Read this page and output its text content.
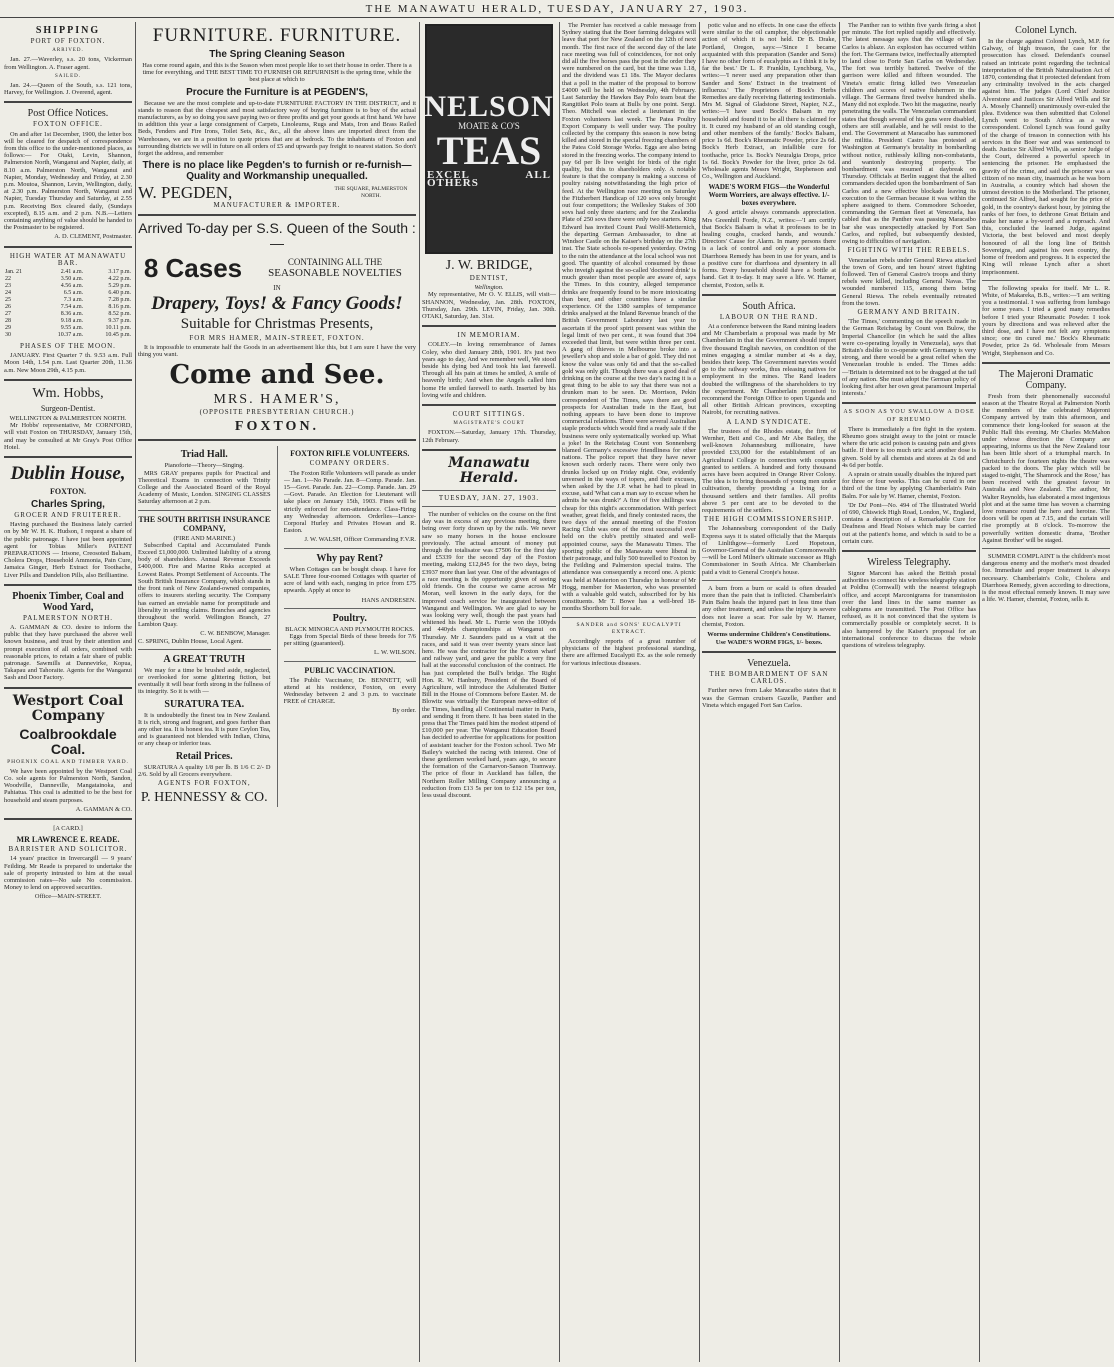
THE MANAWATU HERALD, TUESDAY, JANUARY 27, 1903.
SHIPPING
PORT OF FOXTON.
ARRIVED.

Jan. 27.—Waverley, s.s. 20 tons, Vickerman from Wellington. A. Fraser agent.

SAILED.

Jan. 24.—Queen of the South, s.s. 121 tons, Harvey, for Wellington. J. Overend, agent.

Post Office Notices.
FOXTON OFFICE.

On and after 1st December, 1900, the letter box will be cleared for despatch of correspondence from this office to the under-mentioned places, as follows:— For Otaki, Levin, Shannon, Palmerston North, Wanganui and Napier, daily, at 8.10 a.m. Palmerston North, Wanganui and Napier, Monday, Wednesday and Friday, at 2.30 p.m. Moutoa, Shannon, Levin, Wellington, daily, at 2.30 p.m. Palmerston North, Wanganui and Napier, Tuesday Thursday and Saturday, at 2.55 p.m. Receiving Box cleared daily, (Sundays excepted), 8.15 a.m. and 2 p.m. N.B.—Letters containing anything of value should be handed to the Postmaster to be registered.

A. D. CLEMENT, Postmaster.
HIGH WATER AT MANAWATU BAR.
Jan. 21	2.41 a.m.	3.17 p.m.
22	3.50 a.m.	4.22 p.m.
23	4.56 a.m.	5.29 p.m.
24	6.5 a.m.	6.40 p.m.
25	7.3 a.m.	7.28 p.m.
26	7.54 a.m.	8.16 p.m.
27	8.36 a.m.	8.52 p.m.
28	9.18 a.m.	9.37 p.m.
29	9.55 a.m.	10.11 p.m.
30	10.37 a.m.	10.45 p.m.
PHASES OF THE MOON.

JANUARY. First Quarter 7 th. 9.53 a.m. Full Moon 14th, 1.54 p.m. Last Quarter 20th, 11.36 a.m. New Moon 29th, 4.15 p.m.

Wm. Hobbs,
Surgeon-Dentist.
WELLINGTON & PALMERSTON NORTH.

Mr Hobbs' representative, Mr CORNFORD, will visit Foxton on THURSDAY, January 15th, and may be consulted at Mr Gray's Post Office Hotel.

Dublin House,
FOXTON.
Charles Spring,
GROCER AND FRUITERER.

Having purchased the Business lately carried on by Mr W. H. K. Hudson, I request a share of the public patronage. I have just been appointed agent for Tobias Miller's PATENT PREPARATIONS — Irisone, Creosoted Balsam, Cholera Drops, Household Ammonia, Pain Cure, Jamaica Ginger, Herb Extract for Toothache, Liver Pills and Dandelion Pills, also Brilliantine.

Phoenix Timber, Coal and Wood Yard,
PALMERSTON NORTH.

A. GAMMAN & CO. desire to inform the public that they have purchased the above well known business, and trust by their attention and prompt execution of all orders, combined with reasonable prices, to retain a fair share of public patronage. Sawmills at Dannevirke, Kopua, Takapau and Tahoraite. Agents for the Wanganui Sash and Door Factory.

Westport Coal Company
Coalbrookdale Coal.
PHOENIX COAL AND TIMBER YARD.

We have been appointed by the Westport Coal Co. sole agents for Palmerston North, Sandon, Woodville, Danneville, Mangatainoka, and Pahiatua. This coal is admitted to be the best for household and steam purposes.

A. GAMMAN & CO.
[A CARD.]
MR LAWRENCE E. READE.
BARRISTER AND SOLICITOR.

14 years' practice in Invercargill — 9 years' Feilding. Mr Reade is prepared to undertake the sale of property intrusted to him at the usual commission rates—No sale No commission. Money to lend on approved securities.

Office—MAIN-STREET.
FURNITURE. FURNITURE.
The Spring Cleaning Season

Has come round again, and this is the Season when most people like to set their house in order. There is a time for everything, and THE BEST TIME TO FURNISH OR REFURNISH is the spring time, while the best place at which to

Procure the Furniture is at PEGDEN'S,

Because we are the most complete and up-to-date FURNITURE FACTORY IN THE DISTRICT, and it stands to reason that the cheapest and most satisfactory way of buying furniture is to buy of the actual manufacturers, as by so doing you save paying two or three profits and get your goods at first hand. We have in addition this year a large consignment of Carpets, Linoleums, Rugs and Mats, Iron and Brass Railed Beds, Fenders and Fire Irons, Toilet Sets, &c., &c., all the above lines are imported direct from the Warehouses, we are in a position to quote prices that are at bedrock. To the inhabitants of Foxton and surrounding districts we will in future on all orders of £5 and upwards pay freight to nearest station. So don't forget the address, and remember

There is no place like Pegden's to furnish or re-furnish—Quality and Workmanship unequalled.
W. PEGDEN,	THE SQUARE, PALMERSTON NORTH.
MANUFACTURER & IMPORTER.
Arrived To-day per S.S. Queen of the South :—
8 Cases	CONTAINING ALL THE
SEASONABLE NOVELTIES
IN
Drapery, Toys! & Fancy Goods!
Suitable for Christmas Presents,
FOR MRS HAMER, MAIN-STREET, FOXTON.

It is impossible to enumerate half the Goods in an advertisement like this, but I am sure I have the very thing you want.

Come and See.
MRS. HAMER'S,
(OPPOSITE PRESBYTERIAN CHURCH.)
FOXTON.
Triad Hall.
Pianoforte—Theory—Singing.

MRS GRAY prepares pupils for Practical and Theoretical Exams in connection with Trinity College and the Associated Board of the Royal Academy of Music, London. SINGING CLASSES Saturday afternoon at 2 p.m.

THE SOUTH BRITISH INSURANCE COMPANY,
(FIRE AND MARINE.)

Subscribed Capital and Accumulated Funds Exceed £1,000,000. Unlimited liability of a strong body of shareholders. Annual Revenue Exceeds £400,000. Fire and Marine Risks accepted at Lowest Rates. Prompt Settlement of Accounts. The South British Insurance Company, which stands in the front rank of New Zealand-owned companies, offers to insurers sterling security. The Company has earned an enviable name for promptitude and liberality in settling claims. Branches and agencies throughout the world. Wellington Branch, 27 Lambton Quay.

C. W. BENBOW, Manager.
C. SPRING, Dublin House, Local Agent.
A GREAT TRUTH

We may for a time be brushed aside, neglected, or overlooked for some glittering fiction, but eventually it will bear forth strong in the fullness of its integrity. So it is with —

SURATURA TEA.

It is undoubtedly the finest tea in New Zealand. It is rich, strong and fragrant, and goes further than any other tea. It is honest tea. It is pure Ceylon Tea, and is guaranteed not blended with Indian, China, or any cheap or inferior teas.

Retail Prices.

SURATURA A quality 1/8 per lb. B 1/6 C 2/- D 2/6. Sold by all Grocers everywhere.

AGENTS FOR FOXTON,
P. HENNESSY & CO.
FOXTON RIFLE VOLUNTEERS.
COMPANY ORDERS.

The Foxton Rifle Volunteers will parade as under— Jan. 1—No Parade. Jan. 8—Comp. Parade. Jan. 15—Govt. Parade. Jan. 22—Comp. Parade. Jan. 29—Govt. Parade. An Election for Lieutenant will take place on January 15th, 1903. Fines will be strictly enforced for non-attendance. Class-Firing any Wednesday afternoon. Orderlies—Lance-Corporal Hurley and Privates Howan and R. Easton.

J. W. WALSH, Officer Commanding F.V.R.
Why pay Rent?

When Cottages can be bought cheap. I have for SALE Three four-roomed Cottages with quarter of acre of land with each, ranging in price from £75 upwards. Apply at once to

HANS ANDRESEN.
Poultry.
BLACK MINORCA AND PLYMOUTH ROCKS.

Eggs from Special Birds of these breeds for 7/6 per sitting (guaranteed).

L. W. WILSON.
PUBLIC VACCINATION.

The Public Vaccinator, Dr. BENNETT, will attend at his residence, Foxton, on every Wednesday between 2 and 3 p.m. to vaccinate FREE of CHARGE.

By order.
NELSON
MOATE & CO'S
TEAS
EXCEL ALL OTHERS
J. W. BRIDGE,
DENTIST,
Wellington.

My representative, Mr O. V. ELLIS, will visit— SHANNON, Wednesday, Jan. 28th. FOXTON, Thursday, Jan. 29th. LEVIN, Friday, Jan. 30th. OTAKI, Saturday, Jan. 31st.

IN MEMORIAM.

COLEY.—In loving remembrance of James Coley, who died January 28th, 1901. It's just two years ago to day, And we remember well, We stood beside his dying bed And took his last farewell. Through all his pain at times he smiled, A smile of heavenly birth; And when the Angels called him home He smiled farewell to earth. Inserted by his loving wife and children.

COURT SITTINGS.
MAGISTRATE'S COURT

FOXTON.—Saturday, January 17th. Thursday, 12th February.

Manawatu Herald.
TUESDAY, JAN. 27, 1903.

The number of vehicles on the course on the first day was in excess of any previous meeting, there being over forty drawn up by the rails. We never saw so many horses in the house enclosure previously. The actual amount of money put through the totalisator was £7506 for the first day and £5339 for the second day of the Foxton meeting, making £12,845 for the two days, being £3937 more than last year. One of the advantages of a race meeting is the opportunity given of seeing old friends. On the course we came across Mr Moran, well known in the early days, for the improved coach service he inaugurated between Wanganui and Wellington. We are glad to say he was looking very well, though the past years had whitened his head. Mr L. Furrie won the 100yds and 440yds championships at Wanganui on Thursday. Mr J. Saunders paid us a visit at the races, and said it was over twenty years since last here. He was the contractor for the Foxton wharf and railway yard, and gave the public a very fine hall at the successful conclusion of the contract. He has just completed the Bull's bridge. The Right Hon. R. W. Hanbury, President of the Board of Agriculture, will introduce the Adulterated Butter Bill in the House of Commons before Easter. M. de Blowitz was virtually the European news-editor of the Times, handling all Continental matter in Paris, and sending it from there. It has been stated in the press that The Times paid him the modest stipend of £10,000 per year. The Wanganui Education Board has decided to advertise for applications for position of assistant teacher for the Foxton school. Two Mr Bailey's watched the racing with interest. One of these gentlemen worked hard, years ago, to secure the formation of the Carnarvon-Sanson Tramway. The price of flour in Auckland has fallen, the Northern Roller Milling Company announcing a reduction from £13 5s per ton to £12 15s per ton, less usual discount.

The Premier has received a cable message from Sydney stating that the Boer farming delegates will leave that port for New Zealand on the 12th of next month. The first race of the second day of the late race meeting was full of coincidences, for not only did all the five horses pass the post in the order they were numbered on the card, but the time was 1.18, and the dividend was £1 18s. The Mayor declares that a poll in the matter of the proposal to borrow £4000 will be held on Wednesday, 4th February. Last Saturday the Hawkes Bay Polo team beat the Rangitikei Polo team at Bulls by one point. Sergt. Theo. Mitchell was elected a lieutenant in the Foxton volunteers last week. The Patea Poultry Export Company is well under way. The poultry collected by the company this season is now being killed and stored in the special freezing chambers of the Patea Cold Storage Works. Eggs are also being stored in the freezing works. The company intend to pay 6d per lb live weight for birds of the right quality, but this to shareholders only. A notable feature is that the company is making a success of poultry raising notwithstanding the high price of feed. At the Wellington race meeting on Saturday the Fitzherbert Handicap of 120 sovs only brought out four competitors; the Wellesley Stakes of 300 sovs had only three starters; and for the Zealandia Plate of 250 sovs there were only two starters. King Edward has invited Count Paul Wolff-Metternich, the departing German Ambassador, to dine at Windsor Castle on the Kaiser's birthday on the 27th inst. The State schools re-opened yesterday. Owing to the rain the attendance at the local school was not good. The quantity of alcohol consumed by those who inveigh against the so-called 'doctored drink' is much greater than most people are aware of, says the Times. In this country, alleged temperance drinks are frequently found to be more intoxicating than beer, and other countries have a similar experience. Of the 1380 samples of temperance drinks analysed at the Inland Revenue branch of the British Government Laboratory last year to ascertain if the proof spirit present was within the legal limit of two per cent., it was found that 394 exceeded that limit, but were within three per cent. A gang of thieves in Melbourne broke into a jeweller's shop and stole a bar of gold. They did not know the value was only 6d and that the so-called gold was only gilt. Though there was a good deal of drinking on the course at the two day's racing it is a great thing to be able to say that there was not a drunken man to be seen. Dr. Morrison, Pekin correspondent of The Times, says there are good prospects for Australian trade in the East, but nothing appears to have been done to improve commercial relations. There were several Australian staple products which would find a ready sale if the business were only systematically worked up. What a joke! In the Reichstag Count von Sonnenberg blamed Germany's excessive friendliness for other nations. The police report that they have never known such orderly races. There were only two drunks locked up on Friday night. One, evidently unversed in the ways of topers, and their excuses, when asked by the J.P. what he had to plead in excuse, said 'What can a man say to excuse when he admits he was drunk?' A fine of five shillings was cheap for this night's accommodation. With perfect weather, great fields, and finely contested races, the two days of the annual meeting of the Foxton Racing Club was one of the most successful ever held on the club's prettily situated and well-appointed course, says the Manawatu Times. The sporting public of the Manawatu were liberal in their patronage, and fully 500 travelled to Foxton by the Feilding and Palmerston special trains. The attendance was consequently a record one. A picnic was held at Masterton on Thursday in honour of Mr Hogg, member for Masterton, who was presented with a valuable gold watch, subscribed for by his constituents. Mr T. Bowe has a well-bred 18-months Shorthorn bull for sale.

SANDER and SONS' EUCALYPTI EXTRACT.

Accordingly reports of a great number of physicians of the highest professional standing, there are affirmed Eucalypti Ex. as the sole remedy for various infectious diseases.

potic value and no effects. In one case the effects were similar to the oil camphor, the objectionable action of which it is not held. Dr B. Drake, Portland, Oregon, says:—'Since I became acquainted with this preparation (Sander and Sons) I have no other form of eucalyptus as I think it is by far the best.' Dr L. P. Franklin, Lynchburg, Va., writes:—'I never used any preparation other than Sander and Sons' Extract in the treatment of influenza.' The Proprietors of Bock's Herbs Remedies are daily receiving flattering testimonials. Mrs M. Signal of Gladstone Street, Napier, N.Z., writes:—'I have used Bock's Balsam in my household and found it to be all there is claimed for it. It cured my husband of an old standing cough, and other members of the family.' Bock's Balsam, price 1s 6d. Bock's Rheumatic Powder, price 2s 6d. Bock's Herb Extract, an infallible cure for toothache, price 1s. Bock's Neuralgia Drops, price 1s 6d. Bock's Powder for the liver, price 2s 6d. Wholesale agents Messrs Wright, Stephenson and Co., Wellington and Auckland.

WADE'S WORM FIGS—the Wonderful Worm Worriers, are always effective. 1/- boxes everywhere.

A good article always commands appreciation. Mrs Greenhill Forde, N.Z., writes:—'I am certify that Bock's Balsam is what it professes to be in healing coughs, cracked hands, and wounds.' Directors' Cause for Alarm. In many persons there is a lack of control and only a poor stomach. Diarrhoea Remedy has been in use for years, and is a positive cure for diarrhoea and dysentery in all forms. Every household should have a bottle at hand. Get it to-day. It may save a life. W. Hamer, chemist, Foxton, sells it.

South Africa.
LABOUR ON THE RAND.

At a conference between the Rand mining leaders and Mr Chamberlain a proposal was made by Mr Chamberlain in that the Government should import five thousand English navvies, on condition of the mines engaging a similar number at 4s a day, besides their keep. The Government navvies would go to the railway works, thus releasing natives for employment in the mines. The Rand leaders doubted the willingness of the shareholders to try the experiment. Mr Chamberlain promised to recommend the Foreign Office to open Uganda and all other British African provinces, excepting Nairobi, for recruiting natives.

A LAND SYNDICATE.

The trustees of the Rhodes estate, the firm of Wernher, Beit and Co., and Mr Abe Bailey, the well-known Johannesburg millionaire, have provided £33,000 for the establishment of an Agricultural College in connection with coupons granted to settlers. A hundred and forty thousand acres have been acquired in Orange River Colony. The idea is to bring thousands of young men under cultivation, thereby providing a living for a thousand settlers and their families. All profits above 5 per cent are to be devoted to the requirements of the settlers.

THE HIGH COMMISSIONERSHIP.

The Johannesburg correspondent of the Daily Express says it is stated officially that the Marquis of Linlithgow—formerly Lord Hopetoun, Governor-General of the Australian Commonwealth—will be Lord Milner's ultimate successor as High Commissioner in South Africa. Mr Chamberlain paid a visit to General Cronje's house.

A burn from a burn or scald is often dreaded more than the pain that is inflicted. Chamberlain's Pain Balm heals the injured part in less time than any other treatment, and unless the injury is severe does not leave a scar. For sale by W. Hamer, chemist, Foxton.

Worms undermine Children's Constitutions. Use WADE'S WORM FIGS, 1/- boxes.
Venezuela.
THE BOMBARDMENT OF SAN CARLOS.

Further news from Lake Maracaibo states that it was the German cruisers Gazelle, Panther and Vineta which engaged Fort San Carlos.

The Panther ran to within five yards firing a shot per minute. The fort replied rapidly and effectively. The latest message says that the village of San Carlos is ablaze. An explosion has occurred within the fort. The Germans twice, ineffectually attempted to land close to Forte San Carlos on Wednesday. The fort was terribly battered. Twelve of the garrison were killed and fifteen wounded. The Vineta's erratic firing killed two Venezuelan children and scores of native fishermen in the village. The Germans fired twelve hundred shells. Many did not explode. Two hit the magazine, nearly penetrating the walls. The Venezuelan commandant states that though several of his guns were disabled, others are still available, and he will resist to the end. The Government at Maracaibo has summoned the militia. President Castro has protested at Washington at Germany's brutality in bombarding without notice, ruthlessly killing non-combatants, and wantonly destroying property. The bombardment was resumed at daybreak on Thursday. Officials at Berlin suggest that the allied commanders decided upon the bombardment of San Carlos and a new effective blockade leaving its execution to the German because it was within the sphere assigned to them. Commodore Schoeder, commanding the German fleet at Venezuela, has cabled that as the Panther was passing Maracaibo bar she was unexpectedly attacked by Fort San Carlos, and replied, but subsequently desisted, owing to difficulties of navigation.

FIGHTING WITH THE REBELS.

Venezuelan rebels under General Riewa attacked the town of Goro, and ten hours' street fighting followed. Ten of General Castro's troops and thirty rebels were killed, including General Navas. The wounded numbered 115, among them being General Riewa. The rebels eventually retreated from the town.

GERMANY AND BRITAIN.

'The Times,' commenting on the speech made in the German Reichstag by Count von Bulow, the Imperial Chancellor (in which he said the allies were co-operating loyally in Venezuela), says that Britain's dislike to co-operate with Germany is very strong, and there would be a great relief when the Venezuelan trouble is ended. The Times adds:—'Britain is determined not to be dragged at the tail of any nation. She must adopt the German policy of looking first after her own great paramount Imperial interests.'

AS SOON AS YOU SWALLOW A DOSE OF RHEUMO

There is immediately a fire fight in the system. Rheumo goes straight away to the joint or muscle where the uric acid poison is causing pain and gives battle. If there is too much uric acid another dose is given. Sold by all chemists and stores at 2s 6d and 4s 6d per bottle.

A sprain or strain usually disables the injured part for three or four weeks. This can be cured in one third of the time by applying Chamberlain's Pain Balm. For sale by W. Hamer, chemist, Foxton.

'Dr Du' Pont—No. 494 of The Illustrated World of 690, Chiswick High Road, London, W., England, contains a description of a Remarkable Cure for Deafness and Head Noises which may be carried out at the patient's home, and which is said to be a certain cure.

Wireless Telegraphy.

Signor Marconi has asked the British postal authorities to connect his wireless telegraphy station at Poldhu (Cornwall) with the nearest telegraph office, and accept Marconigrams for transmission over the land lines in the same manner as cablegrams are transmitted. The Post Office has refused, as it is not convinced that the system is commercially possible or completely secret. It is also hampered by the Kaiser's proposal for an international conference to discuss the whole questions of wireless telegraphy.

Colonel Lynch.

In the charge against Colonel Lynch, M.P. for Galway, of high treason, the case for the prosecution has closed. Defendant's counsel raised an intricate point regarding the technical interpretation of the British Naturalisation Act of 1870, contending that it protected defendant from any criminality involved in the acts charged against him. The judges (Lord Chief Justice Alverstone and Justices Sir Alfred Wills and Sir A. Mosely Channell) unanimously over-ruled the plea. Evidence was then submitted that Colonel Lynch went to South Africa as a war correspondent. Colonel Lynch was found guilty of the charge of treason in connection with his services in the Boer war and was sentenced to death. Justice Sir Alfred Wills, as senior Judge of the Court, delivered a powerful speech in sentencing the prisoner. He emphasised the gravity of the crime, and said the prisoner was a citizen of no mean city, inasmuch as he was born in Australia, a country which had shown the utmost devotion to the Motherland. The prisoner, continued Sir Alfred, had sought for the price of gold, in the country's darkest hour, by joining the ranks of her foes, to dethrone Great Britain and make her name a by-word and a reproach. And this, concluded the learned Judge, against Victoria, the best beloved and most deeply honoured of all the long line of British Sovereigns, and against his own country, the home of freedom and progress. It is expected the King will release Lynch after a short imprisonment.

The following speaks for itself. Mr L. R. White, of Makareka, B.B., writes:—'I am writing you a testimonial. I was suffering from lumbago for some years. I tried a good many remedies before I tried your Rheumatic Powder. I took yours by directions and was relieved after the third dose, and I have not felt any symptoms since; one tin cured me.' Bock's Rheumatic Powder, price 2s 6d. Wholesale from Messrs Wright, Stephenson and Co.

The Majeroni Dramatic Company.

Fresh from their phenomenally successful season at the Theatre Royal at Palmerston North the members of the celebrated Majeroni Company arrived by train this afternoon, and commence their long-looked for season at the Public Hall this evening. Mr Charles McMahon under whose direction the Company are appearing, informs us that the New Zealand tour has been little short of a triumphal march. In Christchurch for fourteen nights the theatre was packed to the doors. The play which will be staged to-night, 'The Shamrock and the Rose,' has been received with the greatest favour in Australia and New Zealand. The author, Mr Walter Reynolds, has elaborated a most ingenious plot and at the same time has woven a charming love romance round the hero and heroine. The doors will be open at 7.15, and the curtain will rise promptly at 8 o'clock. To-morrow the powerfully written domestic drama, 'Brother Against Brother' will be staged.

SUMMER COMPLAINT is the children's most dangerous enemy and the mother's most dreaded foe. Immediate and proper treatment is always necessary. Chamberlain's Colic, Cholera and Diarrhoea Remedy, given according to directions, is the most effectual remedy known. It may save a life. W. Hamer, chemist, Foxton, sells it.
